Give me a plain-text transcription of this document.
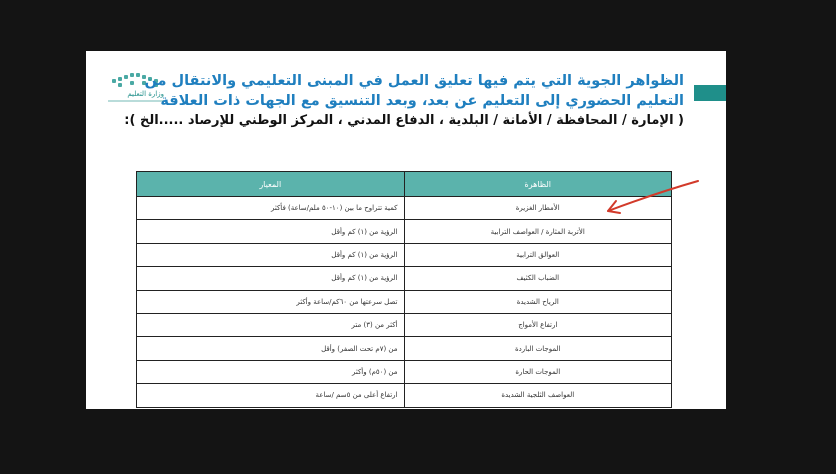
وزارة التعليم
الظواهر الجوية التي يتم فيها تعليق العمل في المبنى التعليمي والانتقال من
التعليم الحضوري إلى التعليم عن بعد، وبعد التنسيق مع الجهات ذات العلاقة
( الإمارة / المحافظة / الأمانة / البلدية ، الدفاع المدني ، المركز الوطني للإرصاد .....الخ ):
الظاهرة	المعيار
الأمطار الغزيرة	كمية تتراوح ما بين (١٠-٥٠ ملم/ساعة) فأكثر
الأتربة المثارة / العواصف الترابية	الرؤية من (١) كم وأقل
العوالق الترابية	الرؤية من (١) كم وأقل
الضباب الكثيف	الرؤية من (١) كم وأقل
الرياح الشديدة	تصل سرعتها من ٦٠كم/ساعة وأكثر
ارتفاع الأمواج	أكثر من (٣) متر
الموجات الباردة	من (٧م تحت الصفر) وأقل
الموجات الحارة	من (٥٠م) وأكثر
العواصف الثلجية الشديدة	ارتفاع أعلى من ٥سم /ساعة
